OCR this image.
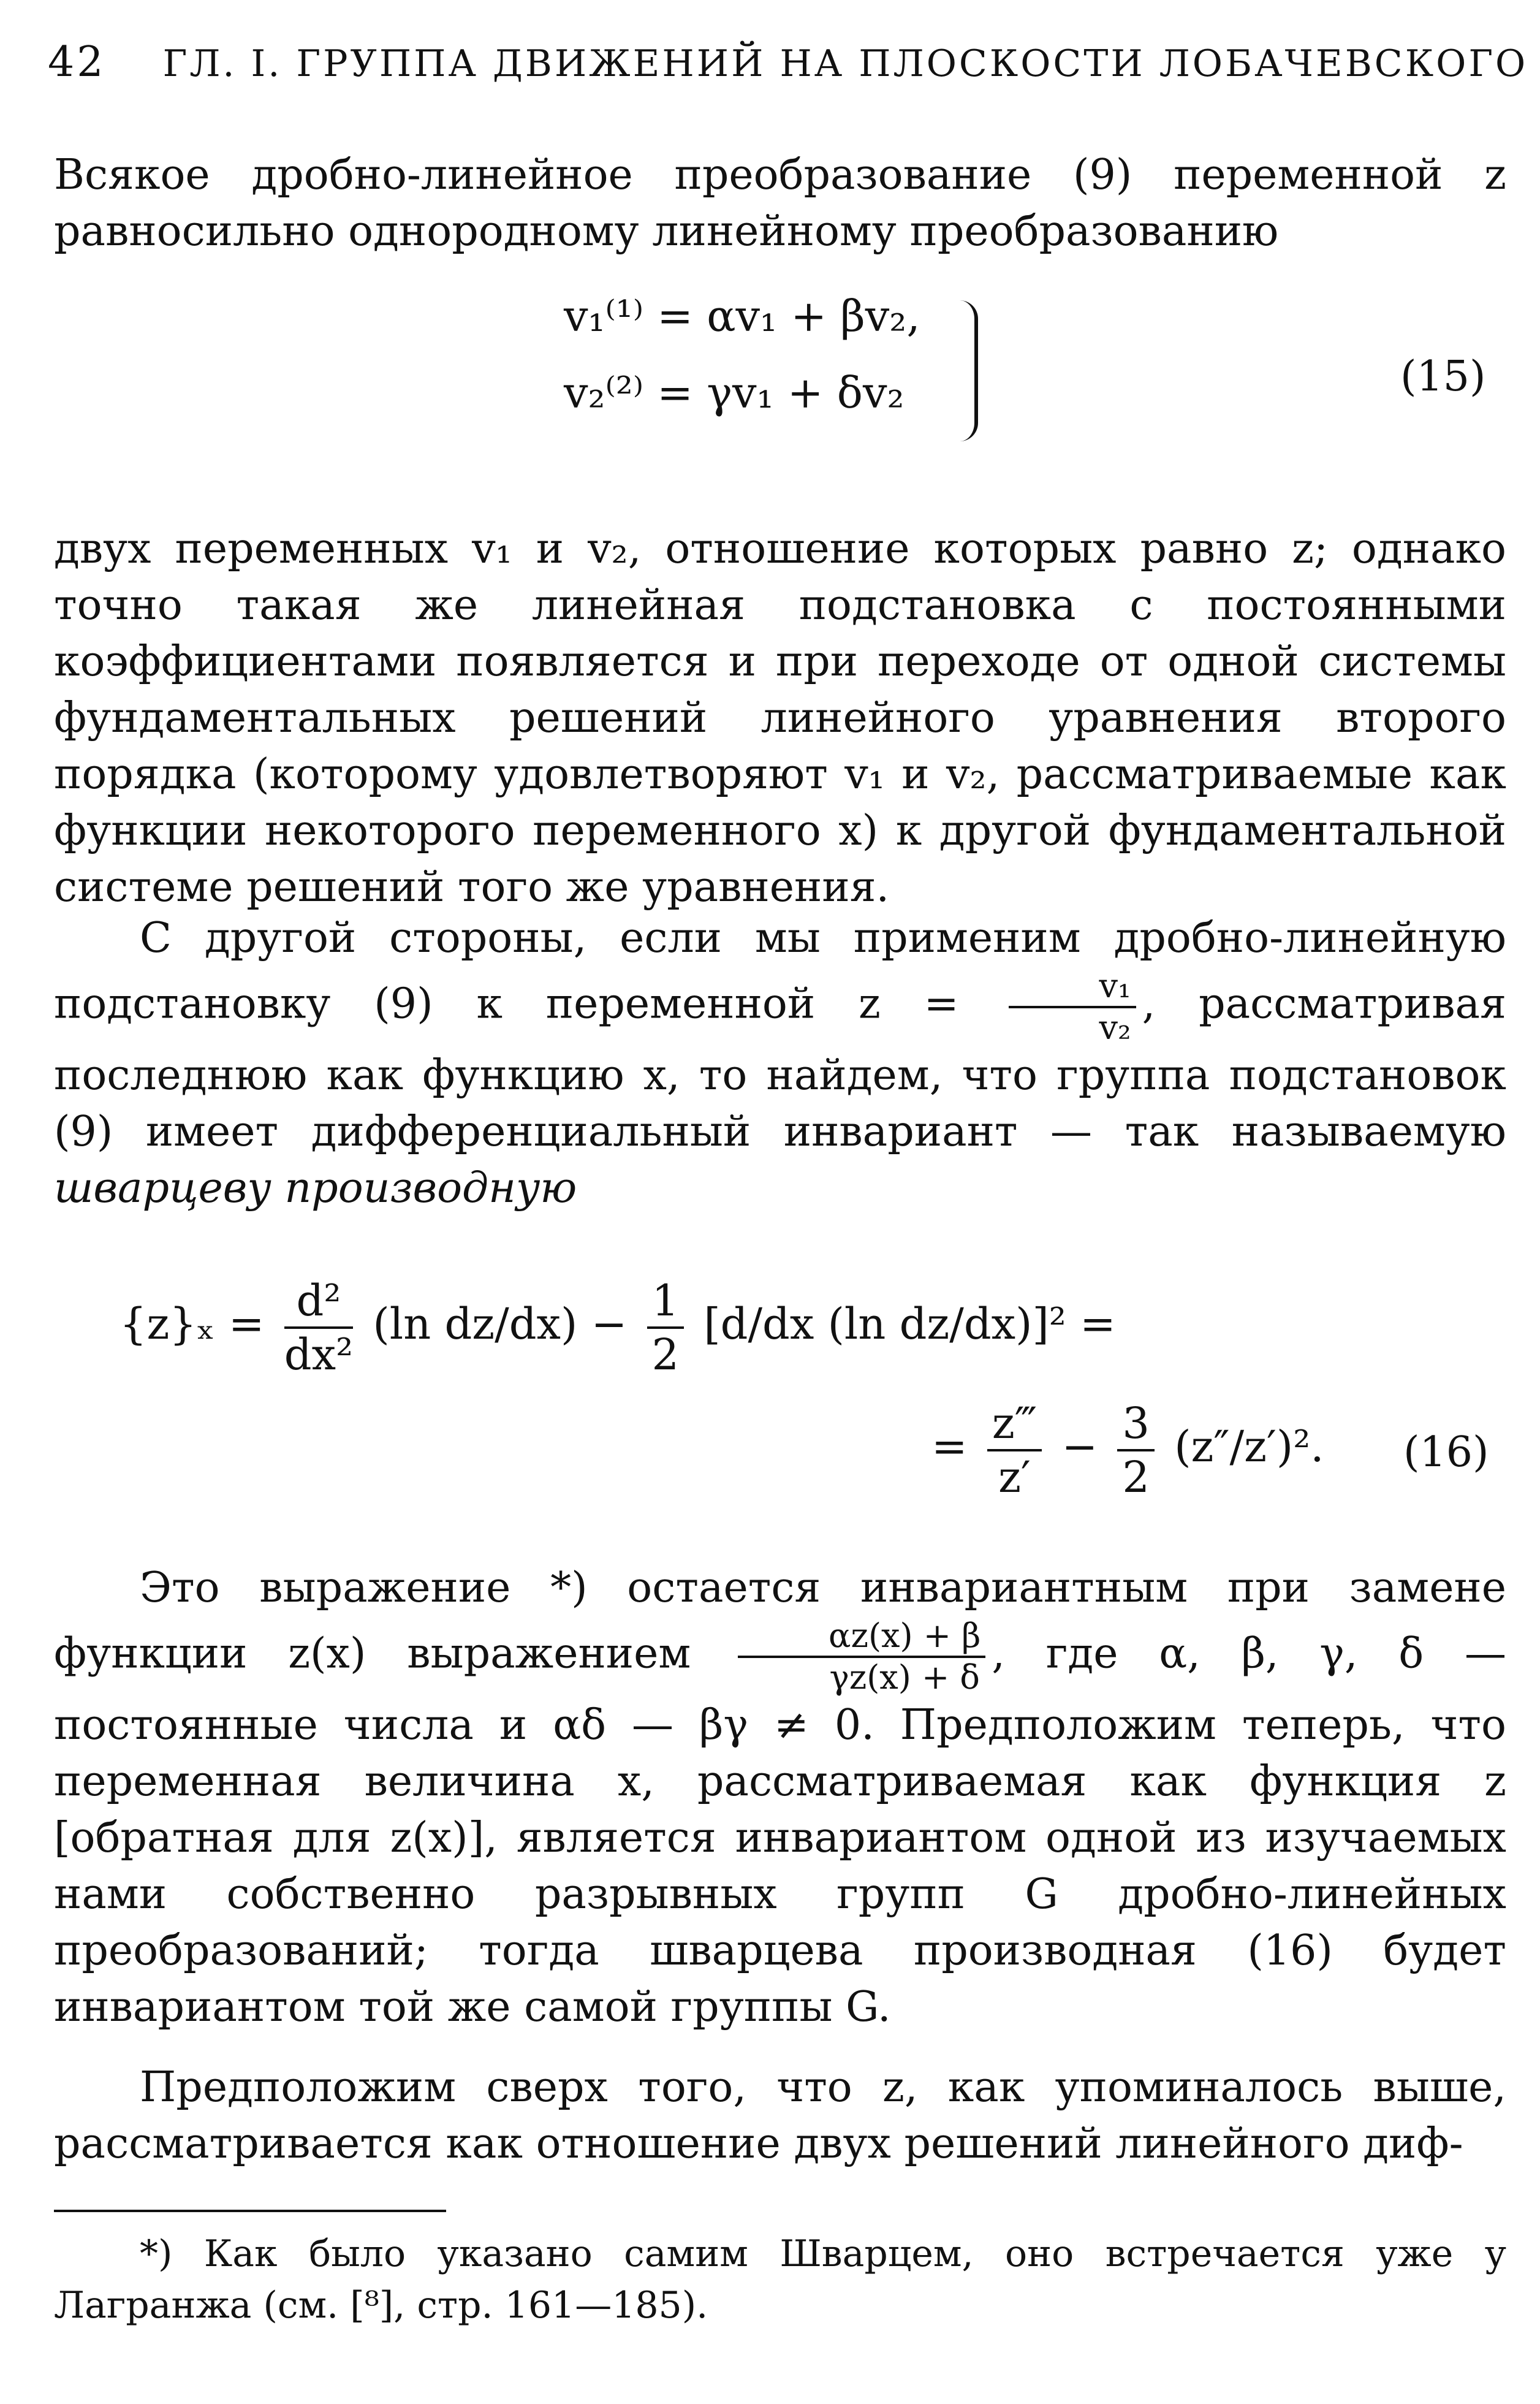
42 ГЛ. I. ГРУППА ДВИЖЕНИЙ НА ПЛОСКОСТИ ЛОБАЧЕВСКОГО

Всякое дробно-линейное преобразование (9) переменной z равносильно однородному линейному преобразованию

v₁⁽¹⁾ = αv₁ + βv₂,
v₂⁽²⁾ = γv₁ + δv₂	(15)

двух переменных v₁ и v₂, отношение которых равно z; однако точно такая же линейная подстановка с постоянными коэффициентами появляется и при переходе от одной системы фундаментальных решений линейного уравнения второго порядка (которому удовлетворяют v₁ и v₂, рассматриваемые как функции некоторого переменного x) к другой фундаментальной системе решений того же уравнения.

С другой стороны, если мы применим дробно-линейную подстановку (9) к переменной $z = \frac{\text{v₁}}{\text{v₂}}$ , рассматривая последнюю как функцию x, то найдем, что группа подстановок (9) имеет дифференциальный инвариант — так называемую шварцеву производную

$\{z\}_x = \frac{\text{d²}}{\text{dx²}} (\ln$ $dz/dx) - \frac{1}{2} [d/dx$ (ln dz/dx)]² =
= $\frac{z‴}{z'} - \frac{3}{2} (z''/z')^2$. (16)

Это выражение *) остается инвариантным при замене функции z(x) выражением $\frac{\alpha z(x) + \beta}{\gamma z(x) + \delta}$ , где α, β, γ, δ — постоянные числа и αδ — βγ ≠ 0. Предположим теперь, что переменная величина x, рассматриваемая как функция z [обратная для z(x)], является инвариантом одной из изучаемых нами собственно разрывных групп G дробно-линейных преобразований; тогда шварцева производная (16) будет инвариантом той же самой группы G.

Предположим сверх того, что z, как упоминалось выше, рассматривается как отношение двух решений линейного диф-

*) Как было указано самим Шварцем, оно встречается уже у Лагранжа (см. [⁸], стр. 161—185).
